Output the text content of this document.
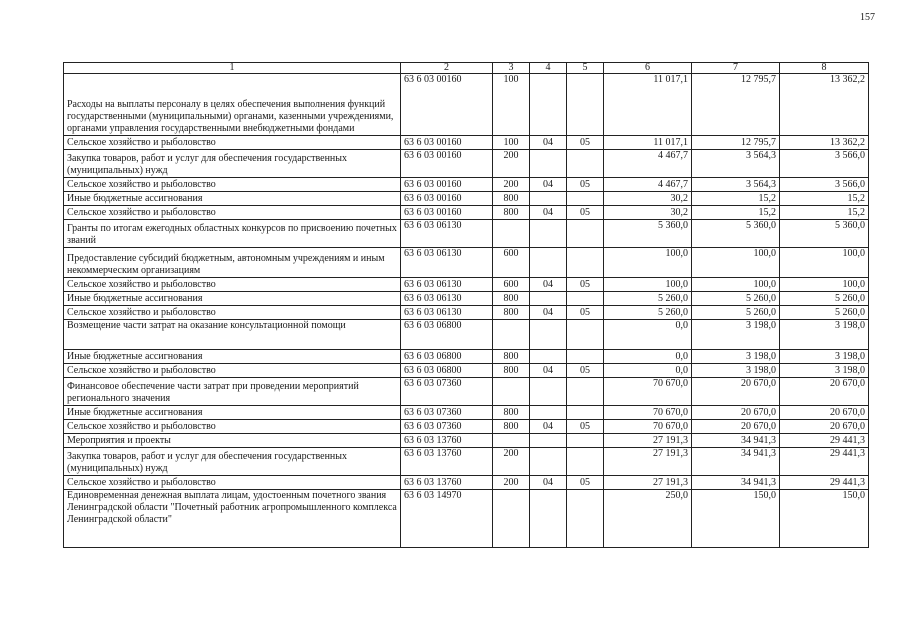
157
1	2	3	4	5	6	7	8
Расходы на выплаты персоналу в целях обеспечения выполнения функций государственными (муниципальными) органами, казенными учреждениями, органами управления государственными внебюджетными фондами	63 6 03 00160	100			11 017,1	12 795,7	13 362,2
Сельское хозяйство и рыболовство	63 6 03 00160	100	04	05	11 017,1	12 795,7	13 362,2
Закупка товаров, работ и услуг для обеспечения государственных (муниципальных) нужд	63 6 03 00160	200			4 467,7	3 564,3	3 566,0
Сельское хозяйство и рыболовство	63 6 03 00160	200	04	05	4 467,7	3 564,3	3 566,0
Иные бюджетные ассигнования	63 6 03 00160	800			30,2	15,2	15,2
Сельское хозяйство и рыболовство	63 6 03 00160	800	04	05	30,2	15,2	15,2
Гранты по итогам ежегодных областных конкурсов по присвоению почетных званий	63 6 03 06130				5 360,0	5 360,0	5 360,0
Предоставление субсидий бюджетным, автономным учреждениям и иным некоммерческим организациям	63 6 03 06130	600			100,0	100,0	100,0
Сельское хозяйство и рыболовство	63 6 03 06130	600	04	05	100,0	100,0	100,0
Иные бюджетные ассигнования	63 6 03 06130	800			5 260,0	5 260,0	5 260,0
Сельское хозяйство и рыболовство	63 6 03 06130	800	04	05	5 260,0	5 260,0	5 260,0
Возмещение части затрат на оказание консультационной помощи	63 6 03 06800				0,0	3 198,0	3 198,0
Иные бюджетные ассигнования	63 6 03 06800	800			0,0	3 198,0	3 198,0
Сельское хозяйство и рыболовство	63 6 03 06800	800	04	05	0,0	3 198,0	3 198,0
Финансовое обеспечение части затрат при проведении мероприятий регионального значения	63 6 03 07360				70 670,0	20 670,0	20 670,0
Иные бюджетные ассигнования	63 6 03 07360	800			70 670,0	20 670,0	20 670,0
Сельское хозяйство и рыболовство	63 6 03 07360	800	04	05	70 670,0	20 670,0	20 670,0
Мероприятия и проекты	63 6 03 13760				27 191,3	34 941,3	29 441,3
Закупка товаров, работ и услуг для обеспечения государственных (муниципальных) нужд	63 6 03 13760	200			27 191,3	34 941,3	29 441,3
Сельское хозяйство и рыболовство	63 6 03 13760	200	04	05	27 191,3	34 941,3	29 441,3
Единовременная денежная выплата лицам, удостоенным почетного звания Ленинградской области "Почетный работник агропромышленного комплекса Ленинградской области"	63 6 03 14970				250,0	150,0	150,0
